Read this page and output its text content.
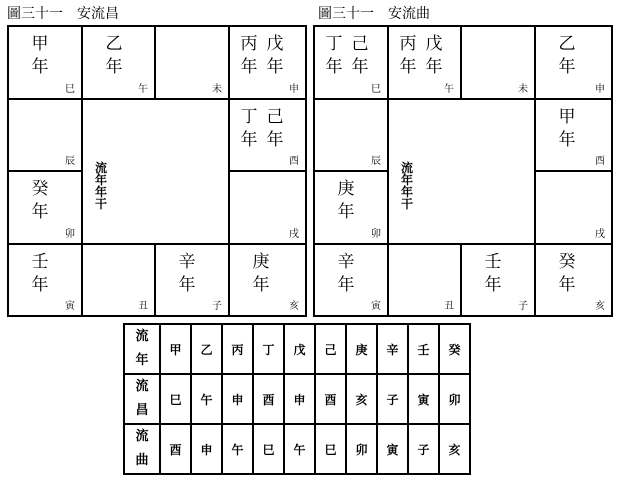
圖三十一　安流昌	圖三十一　安流曲
甲
年
巳
乙
年
午	未
丙
年
戊
年
申
辰
丁
年
己
年
酉
癸
年
卯	戌
壬
年
寅	丑
辛
年
子
庚
年
亥
流年年干
丁
年
己
年
巳
丙
年
戊
年
午	未
乙
年
申
辰
甲
年
酉
庚
年
卯	戌
辛
年
寅	丑
壬
年
子
癸
年
亥
流年年干
流
年	甲	乙	丙	丁	戊	己	庚	辛	壬	癸
流
昌	巳	午	申	酉	申	酉	亥	子	寅	卯
流
曲	酉	申	午	巳	午	巳	卯	寅	子	亥
